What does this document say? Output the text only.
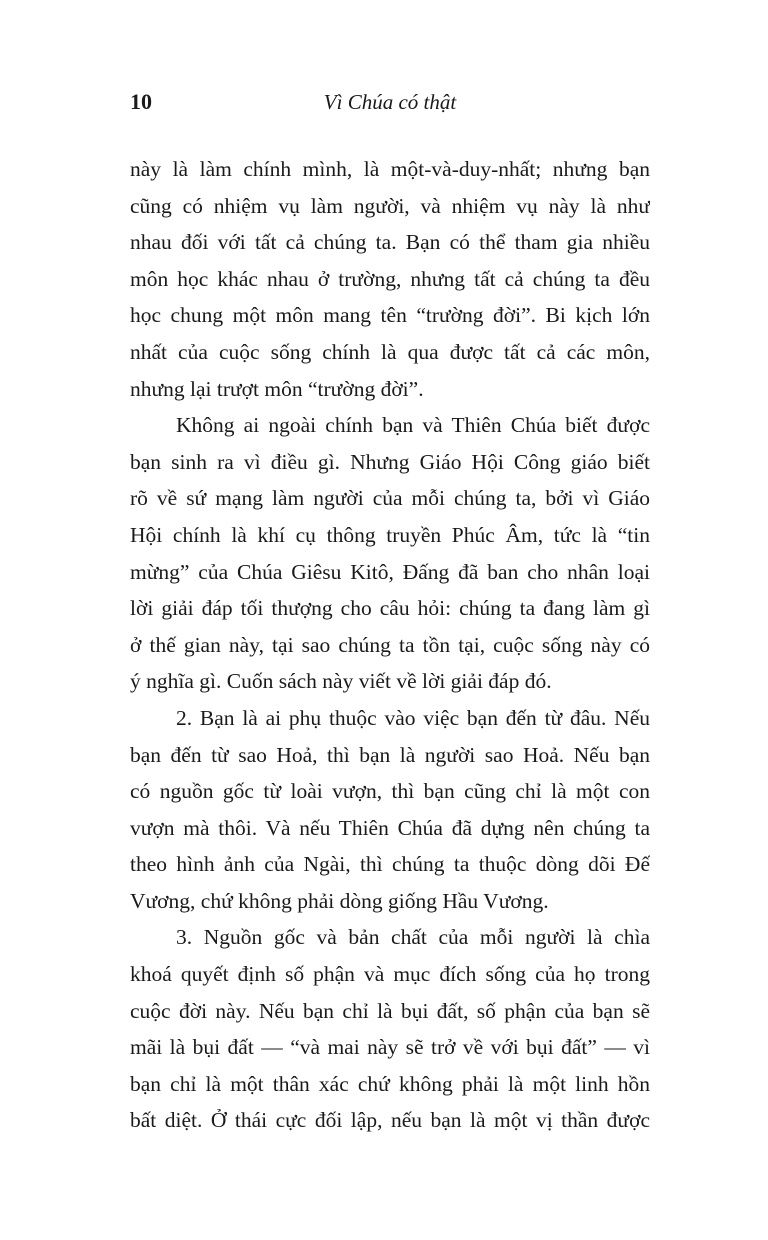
10	Vì Chúa có thật
này là làm chính mình, là một-và-duy-nhất; nhưng bạn
cũng có nhiệm vụ làm người, và nhiệm vụ này là như
nhau đối với tất cả chúng ta. Bạn có thể tham gia nhiều
môn học khác nhau ở trường, nhưng tất cả chúng ta đều
học chung một môn mang tên “trường đời”. Bi kịch lớn
nhất của cuộc sống chính là qua được tất cả các môn,
nhưng lại trượt môn “trường đời”.
Không ai ngoài chính bạn và Thiên Chúa biết được
bạn sinh ra vì điều gì. Nhưng Giáo Hội Công giáo biết
rõ về sứ mạng làm người của mỗi chúng ta, bởi vì Giáo
Hội chính là khí cụ thông truyền Phúc Âm, tức là “tin
mừng” của Chúa Giêsu Kitô, Đấng đã ban cho nhân loại
lời giải đáp tối thượng cho câu hỏi: chúng ta đang làm gì
ở thế gian này, tại sao chúng ta tồn tại, cuộc sống này có
ý nghĩa gì. Cuốn sách này viết về lời giải đáp đó.
2. Bạn là ai phụ thuộc vào việc bạn đến từ đâu. Nếu
bạn đến từ sao Hoả, thì bạn là người sao Hoả. Nếu bạn
có nguồn gốc từ loài vượn, thì bạn cũng chỉ là một con
vượn mà thôi. Và nếu Thiên Chúa đã dựng nên chúng ta
theo hình ảnh của Ngài, thì chúng ta thuộc dòng dõi Đế
Vương, chứ không phải dòng giống Hầu Vương.
3. Nguồn gốc và bản chất của mỗi người là chìa
khoá quyết định số phận và mục đích sống của họ trong
cuộc đời này. Nếu bạn chỉ là bụi đất, số phận của bạn sẽ
mãi là bụi đất — “và mai này sẽ trở về với bụi đất” — vì
bạn chỉ là một thân xác chứ không phải là một linh hồn
bất diệt. Ở thái cực đối lập, nếu bạn là một vị thần được
